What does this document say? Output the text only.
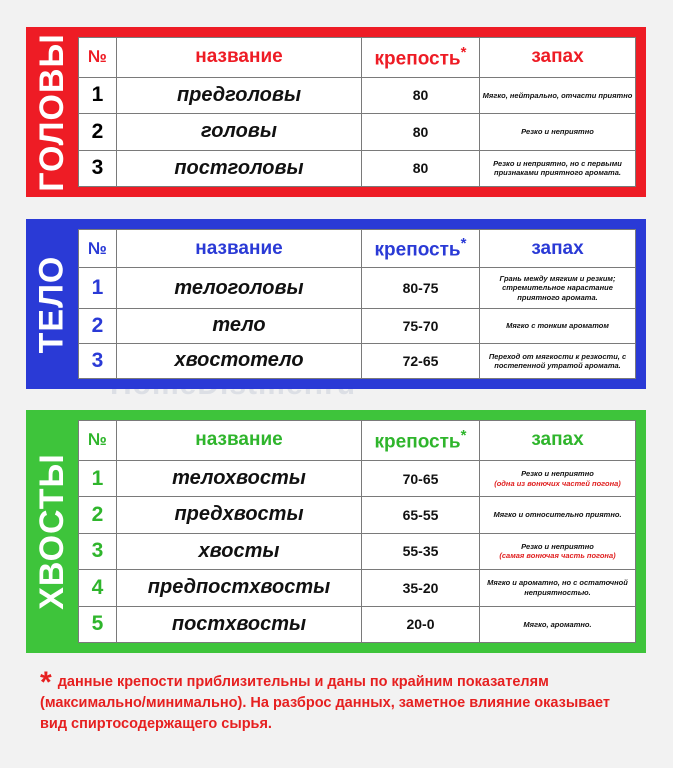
ГОЛОВЫ №	название	крепость*	запах
1	предголовы	80	Мягко, нейтрально, отчасти приятно
2	головы	80	Резко и неприятно
3	постголовы	80	Резко и неприятно, но с первыми признаками приятного аромата.
ТЕЛО
№	название	крепость*	запах
1	телоголовы	80-75	Грань между мягким и резким; стремительное нарастание приятного аромата.
2	тело	75-70	Мягко с тонким ароматом
3	хвостотело	72-65	Переход от мягкости к резкости, с постепенной утратой аромата.
ХВОСТЫ
№	название	крепость*	запах
1	телохвосты	70-65	Резко и неприятно
(одна из вонючих частей погона)

2	предхвосты	65-55	Мягко и относительно приятно.
3	хвосты	55-35	Резко и неприятно
(самая вонючая часть погона)

4	предпостхвосты	35-20	Мягко и ароматно, но с остаточной неприятностью.
5	постхвосты	20-0	Мягко, ароматно.
* данные крепости приблизительны и даны по крайним показателям (максимально/минимально). На разброс данных, заметное влияние оказывает вид спиртосодержащего сырья.
